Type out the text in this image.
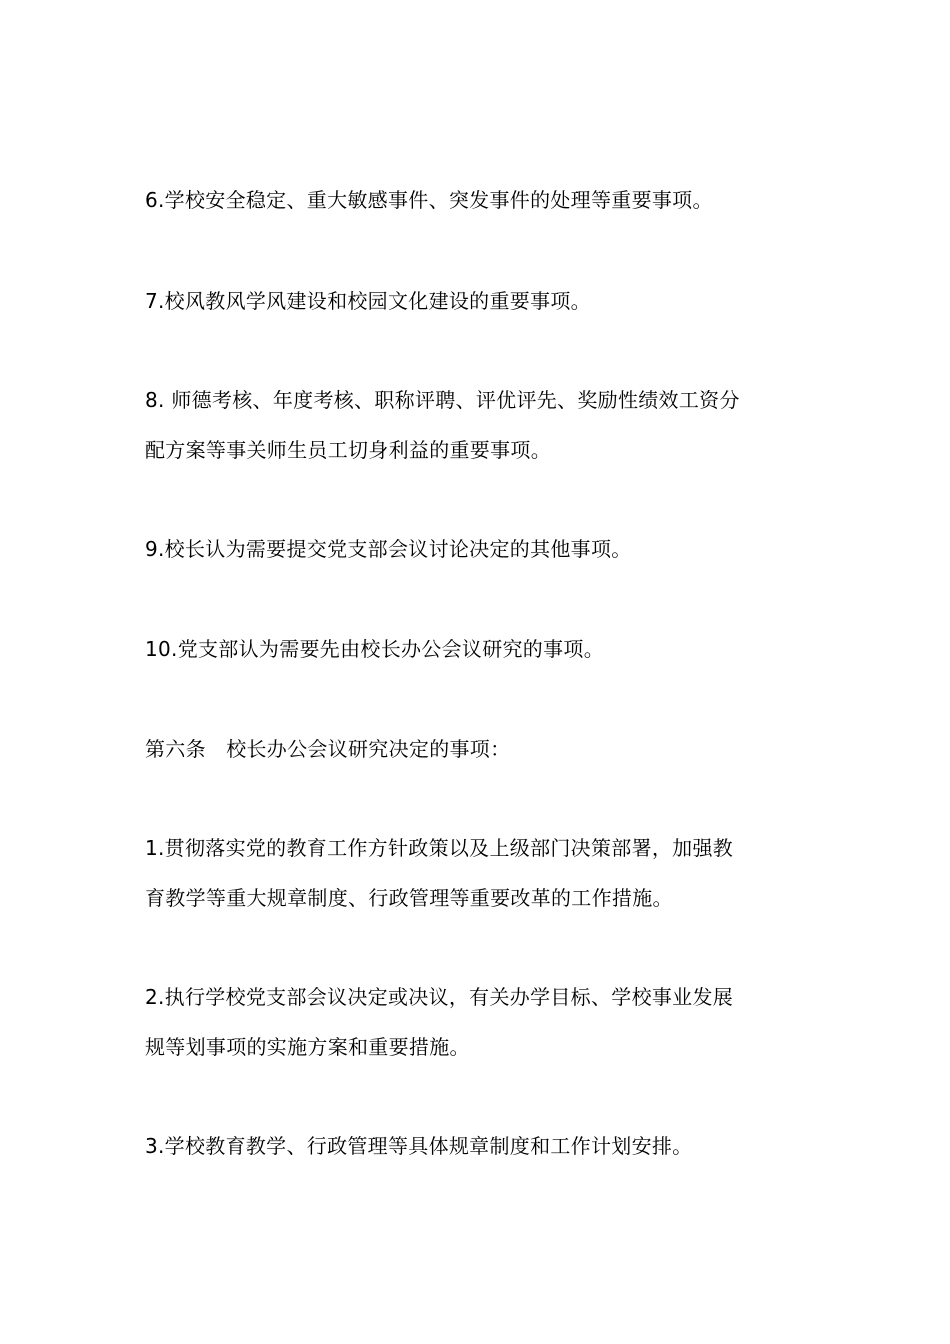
6.学校安全稳定、重大敏感事件、突发事件的处理等重要事项。
7.校风教风学风建设和校园文化建设的重要事项。
8. 师德考核、年度考核、职称评聘、评优评先、奖励性绩效工资分
配方案等事关师生员工切身利益的重要事项。
9.校长认为需要提交党支部会议讨论决定的其他事项。
10.党支部认为需要先由校长办公会议研究的事项。
第六条　校长办公会议研究决定的事项：
1.贯彻落实党的教育工作方针政策以及上级部门决策部署，加强教
育教学等重大规章制度、行政管理等重要改革的工作措施。
2.执行学校党支部会议决定或决议，有关办学目标、学校事业发展
规等划事项的实施方案和重要措施。
3.学校教育教学、行政管理等具体规章制度和工作计划安排。
